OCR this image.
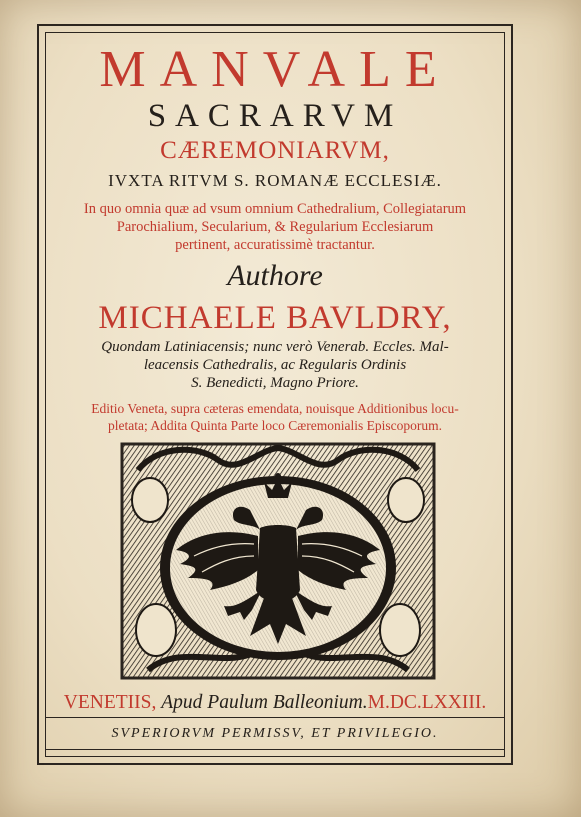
MANVALE

SACRARVM

CÆREMONIARVM,

IVXTA RITVM S. ROMANÆ ECCLESIÆ.

In quo omnia quæ ad vsum omnium Cathedralium, Collegiatarum

Parochialium, Secularium, & Regularium Ecclesiarum

pertinent, accuratissimè tractantur.

Authore

MICHAELE BAVLDRY,

Quondam Latiniacensis; nunc verò Venerab. Eccles. Mal-

leacensis Cathedralis, ac Regularis Ordinis

S. Benedicti, Magno Priore.

Editio Veneta, supra cæteras emendata, nouisque Additionibus locu-

pletata; Addita Quinta Parte loco Cæremonialis Episcoporum.

VENETIIS, Apud Paulum Balleonium.M.DC.LXXIII.

SVPERIORVM PERMISSV, ET PRIVILEGIO.
